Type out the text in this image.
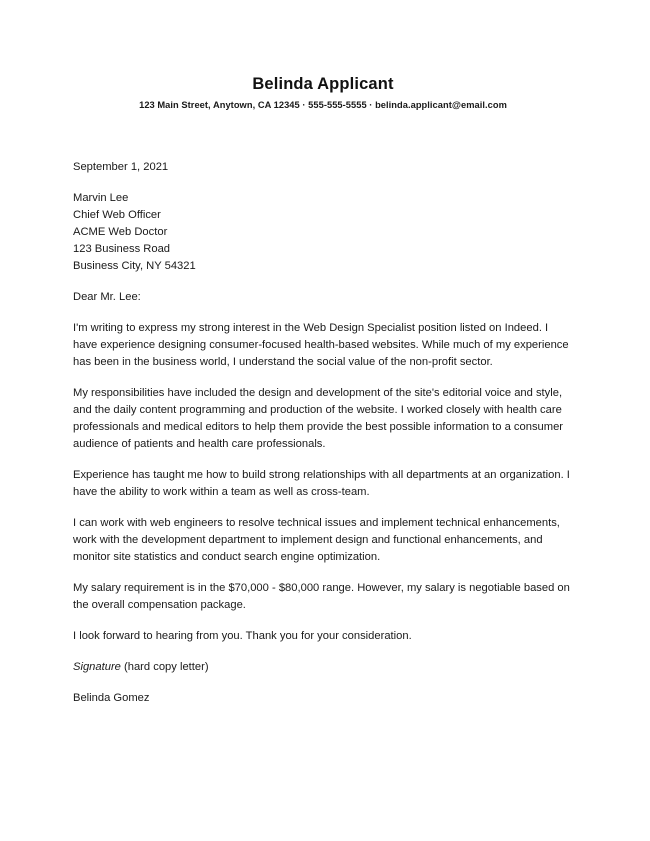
Belinda Applicant
123 Main Street, Anytown, CA 12345 · 555-555-5555 · belinda.applicant@email.com
September 1, 2021
Marvin Lee
Chief Web Officer
ACME Web Doctor
123 Business Road
Business City, NY 54321
Dear Mr. Lee:

I'm writing to express my strong interest in the Web Design Specialist position listed on Indeed. I have experience designing consumer-focused health-based websites. While much of my experience has been in the business world, I understand the social value of the non-profit sector.

My responsibilities have included the design and development of the site's editorial voice and style, and the daily content programming and production of the website. I worked closely with health care professionals and medical editors to help them provide the best possible information to a consumer audience of patients and health care professionals.

Experience has taught me how to build strong relationships with all departments at an organization. I have the ability to work within a team as well as cross-team.

I can work with web engineers to resolve technical issues and implement technical enhancements, work with the development department to implement design and functional enhancements, and monitor site statistics and conduct search engine optimization.

My salary requirement is in the $70,000 - $80,000 range. However, my salary is negotiable based on the overall compensation package.

I look forward to hearing from you. Thank you for your consideration.

Signature (hard copy letter)
Belinda Gomez
